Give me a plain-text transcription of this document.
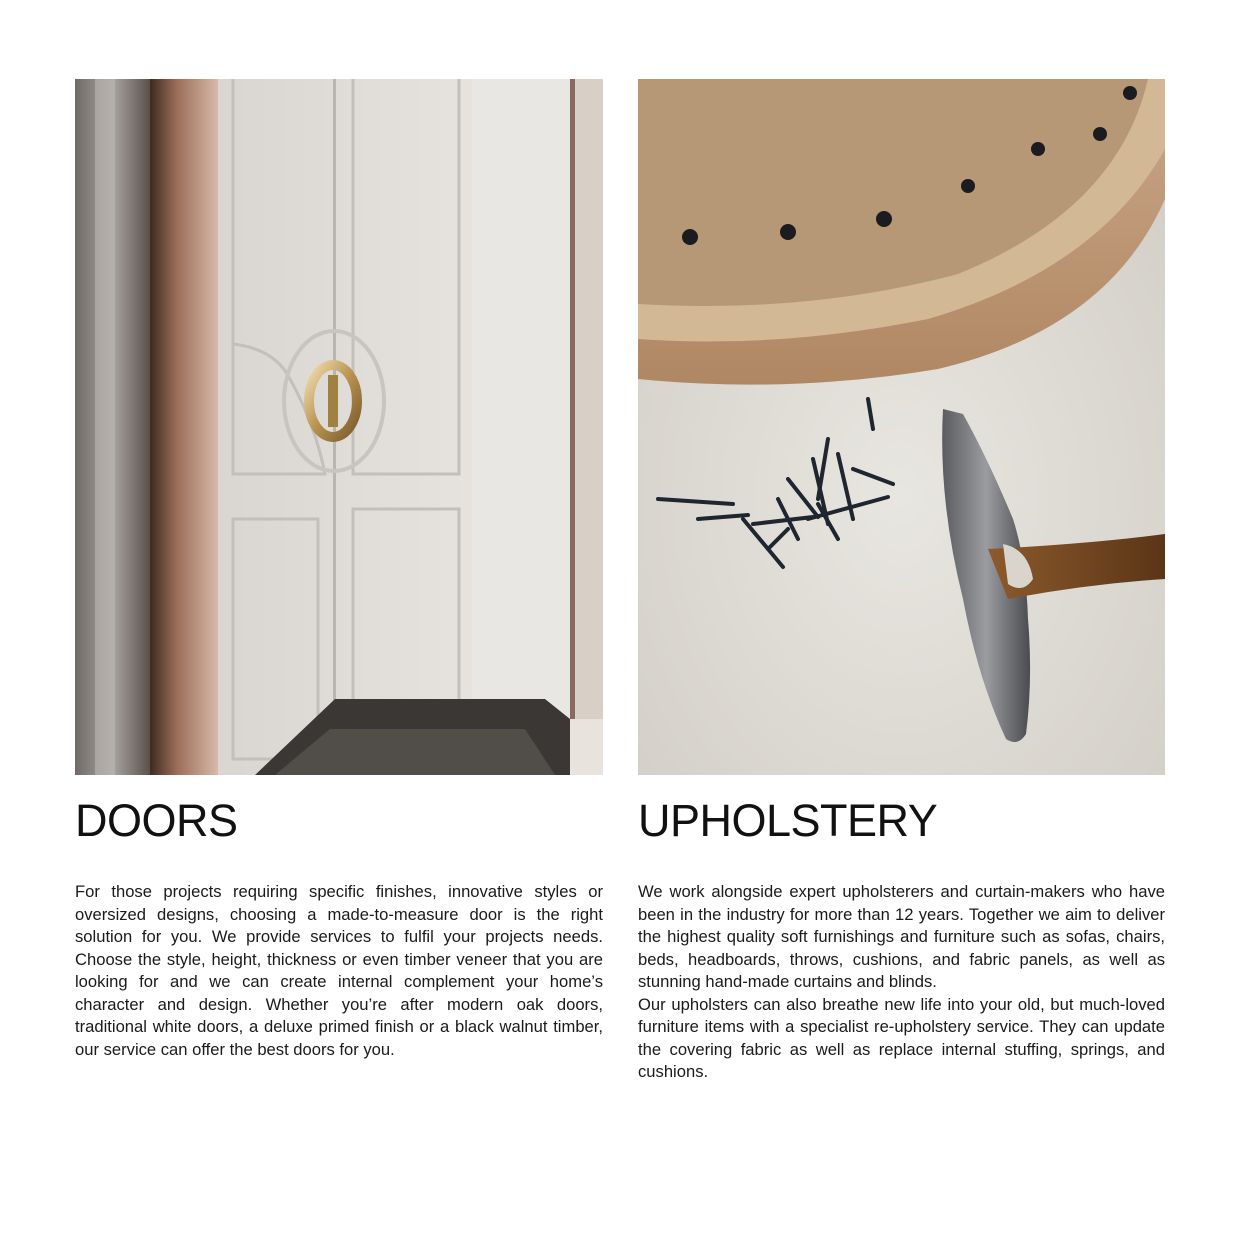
DOORS

For those projects requiring specific finishes, innovative styles or oversized designs, choosing a made-to-measure door is the right solution for you. We provide services to fulfil your projects needs. Choose the style, height, thickness or even timber veneer that you are looking for and we can create internal complement your home’s character and design. Whether you’re after modern oak doors, traditional white doors, a deluxe primed finish or a black walnut timber, our service can offer the best doors for you.

UPHOLSTERY

We work alongside expert upholsterers and curtain-makers who have been in the industry for more than 12 years. Together we aim to deliver the highest quality soft furnishings and furniture such as sofas, chairs, beds, headboards, throws, cushions, and fabric panels, as well as stunning hand-made curtains and blinds.

Our upholsters can also breathe new life into your old, but much-loved furniture items with a specialist re-upholstery service. They can update the covering fabric as well as replace internal stuffing, springs, and cushions.
